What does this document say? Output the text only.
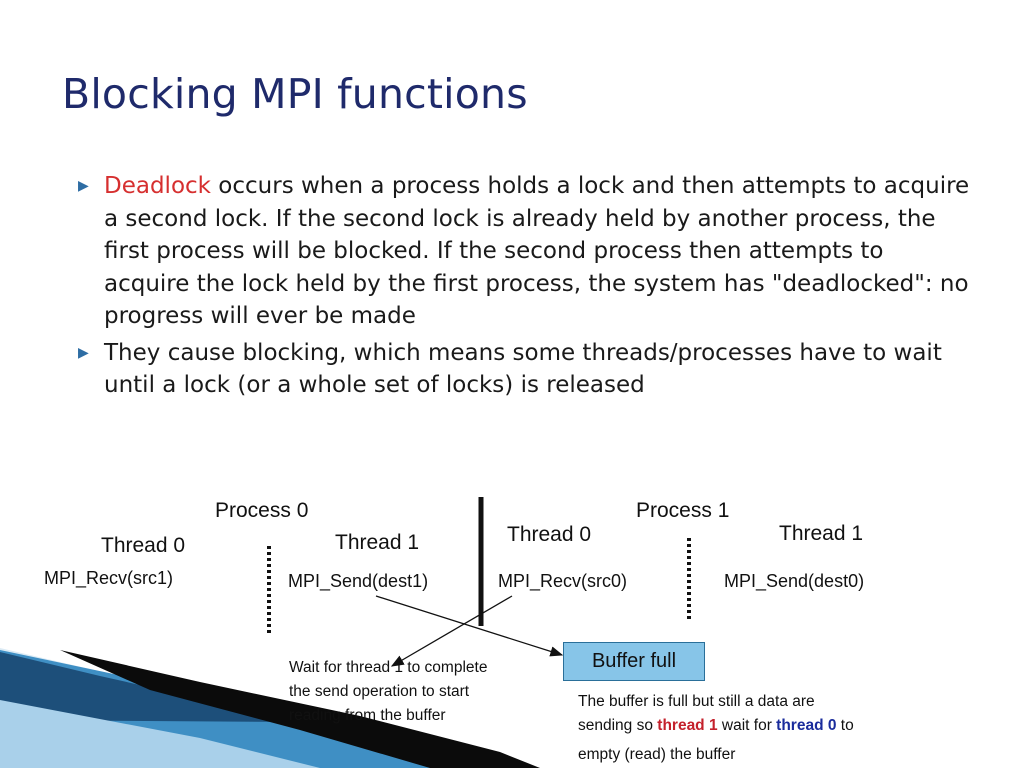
Blocking MPI functions
▶ Deadlock occurs when a process holds a lock and then attempts to acquire a second lock. If the second lock is already held by another process, the first process will be blocked. If the second process then attempts to acquire the lock held by the first process, the system has "deadlocked": no progress will ever be made
▶ They cause blocking, which means some threads/processes have to wait until a lock (or a whole set of locks) is released
Process 0	Process 1
Thread 0	Thread 1	Thread 0	Thread 1
MPI_Recv(src1)	MPI_Send(dest1)	MPI_Recv(src0)	MPI_Send(dest0)
Buffer full
Wait for thread 1 to complete
the send operation to start
reading from the buffer
The buffer is full but still a data are
sending so thread 1 wait for thread 0 to
empty (read) the buffer
